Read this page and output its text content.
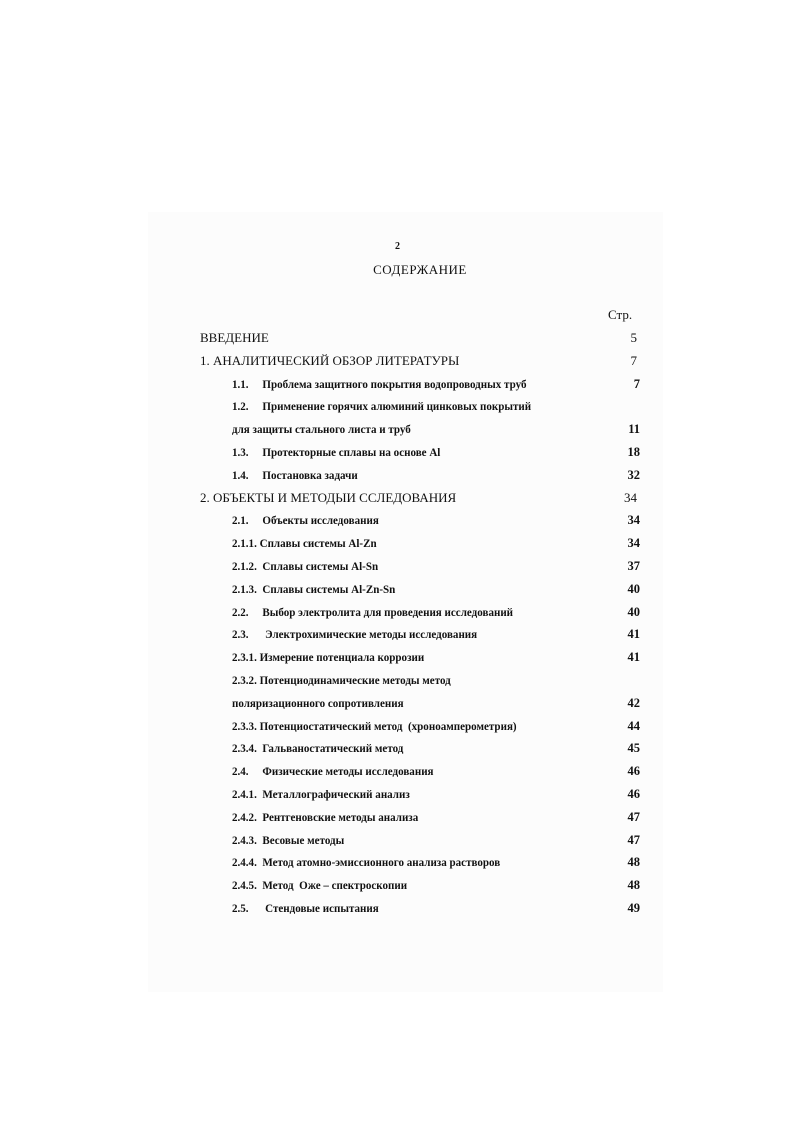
2
СОДЕРЖАНИЕ
Стр.
ВВЕДЕНИЕ	5
1. АНАЛИТИЧЕСКИЙ ОБЗОР ЛИТЕРАТУРЫ	7
1.1.     Проблема защитного покрытия водопроводных труб	7
1.2.     Применение горячих алюминий цинковых покрытий
для защиты стального листа и труб	11
1.3.     Протекторные сплавы на основе Al	18
1.4.     Постановка задачи	32
2. ОБЪЕКТЫ И МЕТОДЫИ СCЛЕДОВАНИЯ	34
2.1.     Объекты исследования	34
2.1.1. Сплавы системы Al-Zn	34
2.1.2.  Сплавы системы Al-Sn	37
2.1.3.  Сплавы системы Al-Zn-Sn	40
2.2.     Выбор электролита для проведения исследований	40
2.3.      Электрохимические методы исследования	41
2.3.1. Измерение потенциала коррозии	41
2.3.2. Потенциодинамические методы метод
поляризационного сопротивления	42
2.3.3. Потенциостатический метод  (хроноамперометрия)	44
2.3.4.  Гальваностатический метод	45
2.4.     Физические методы исследования	46
2.4.1.  Металлографический анализ	46
2.4.2.  Рентгеновские методы анализа	47
2.4.3.  Весовые методы	47
2.4.4.  Метод атомно-эмиссионного анализа растворов	48
2.4.5.  Метод  Оже – спектроскопии	48
2.5.      Стендовые испытания	49
